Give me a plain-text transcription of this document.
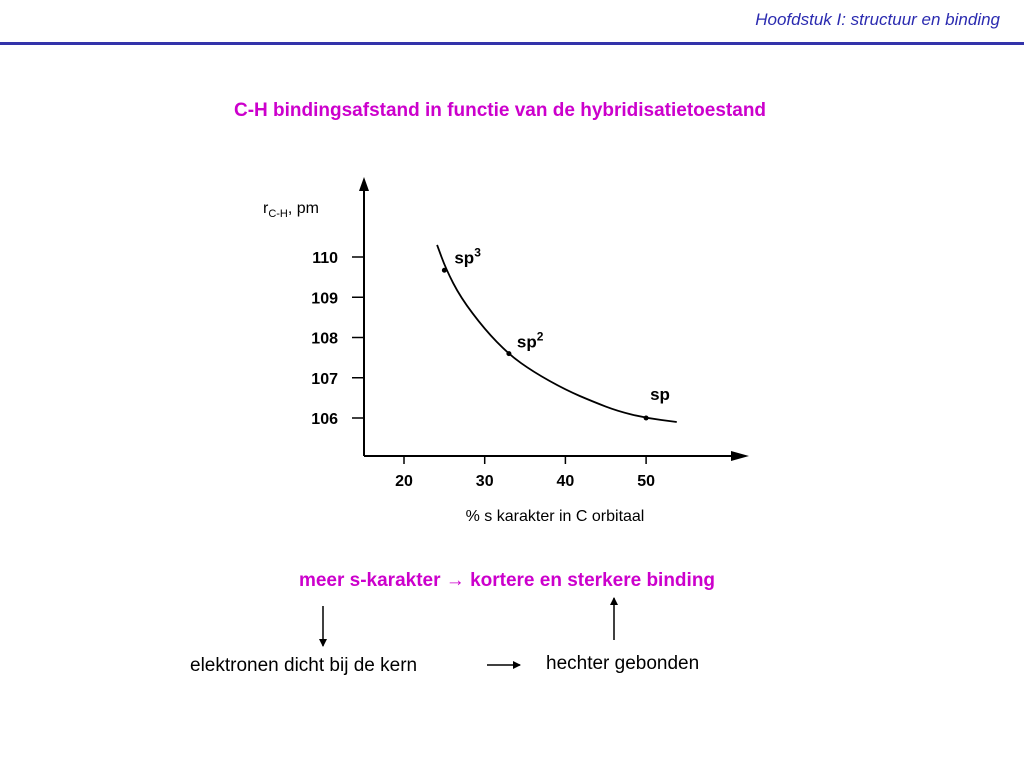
Hoofdstuk I: structuur en binding
C-H bindingsafstand in functie van de hybridisatietoestand
106
107
108
109
110
20	30	40	50
$sp^3$
$sp^2$
sp
$r_{C-H}$, pm
% s karakter in C orbitaal
meer s-karakter → kortere en sterkere binding
elektronen dicht bij de kern	hechter gebonden
